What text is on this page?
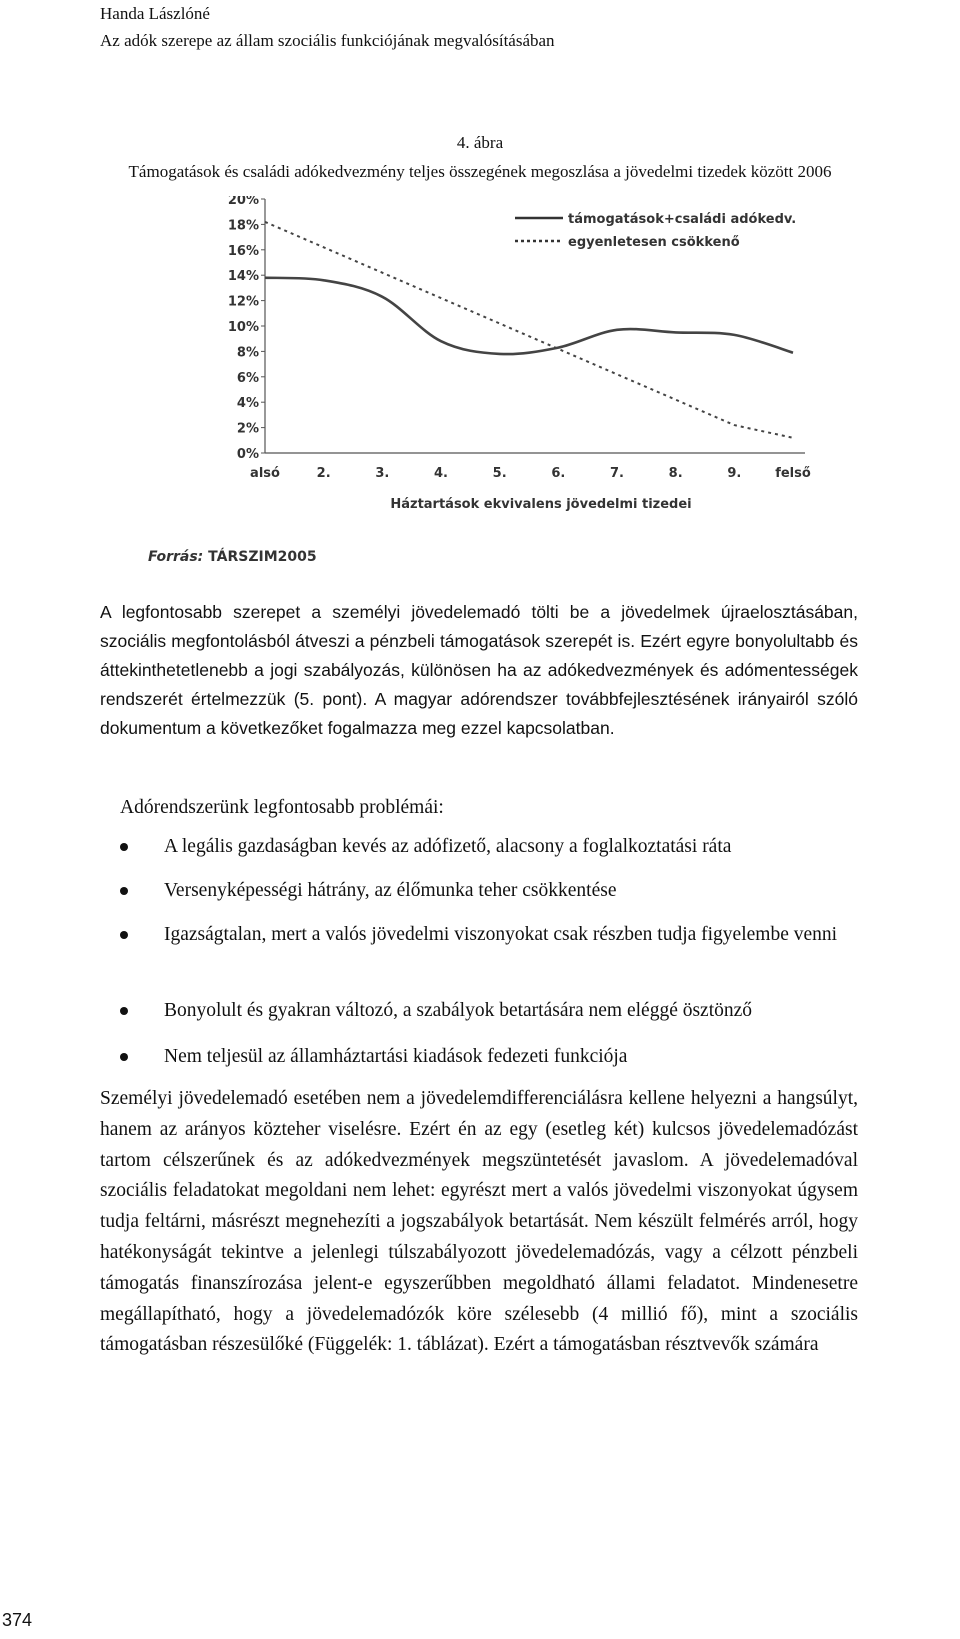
Handa Lászlóné
Az adók szerepe az állam szociális funkciójának megvalósításában
4. ábra
Támogatások és családi adókedvezmény teljes összegének megoszlása a jövedelmi tizedek között 2006
0%
2%
4%
6%
8%
10%
12%
14%
16%
18%
20%
alsó	2.	3.	4.	5.	6.	7.	8.	9.	felső
Háztartások ekvivalens jövedelmi tizedei
támogatások+családi adókedv.
egyenletesen csökkenő
Forrás: TÁRSZIM2005

A legfontosabb szerepet a személyi jövedelemadó tölti be a jövedelmek újraelosztásában, szociális megfontolásból átveszi a pénzbeli támogatások szerepét is. Ezért egyre bonyolultabb és áttekinthetetlenebb a jogi szabályozás, különösen ha az adókedvezmények és adómentességek rendszerét értelmezzük (5. pont). A magyar adórendszer továbbfejlesztésének irányairól szóló dokumentum a következőket fogalmazza meg ezzel kapcsolatban.

Adórendszerünk legfontosabb problémái:

A legális gazdaságban kevés az adófizető, alacsony a foglalkoztatási ráta
Versenyképességi hátrány, az élőmunka teher csökkentése
Igazságtalan, mert a valós jövedelmi viszonyokat csak részben tudja figyelembe venni
Bonyolult és gyakran változó, a szabályok betartására nem eléggé ösztönző
Nem teljesül az államháztartási kiadások fedezeti funkciója

Személyi jövedelemadó esetében nem a jövedelemdifferenciálásra kellene helyezni a hangsúlyt, hanem az arányos közteher viselésre. Ezért én az egy (esetleg két) kulcsos jövedelemadózást tartom célszerűnek és az adókedvezmények megszüntetését javaslom. A jövedelemadóval szociális feladatokat megoldani nem lehet: egyrészt mert a valós jövedelmi viszonyokat úgysem tudja feltárni, másrészt megnehezíti a jogszabályok betartását. Nem készült felmérés arról, hogy hatékonyságát tekintve a jelenlegi túlszabályozott jövedelemadózás, vagy a célzott pénzbeli támogatás finanszírozása jelent-e egyszerűbben megoldható állami feladatot. Mindenesetre megállapítható, hogy a jövedelemadózók köre szélesebb (4 millió fő), mint a szociális támogatásban részesülőké (Függelék: 1. táblázat). Ezért a támogatásban résztvevők számára

374
